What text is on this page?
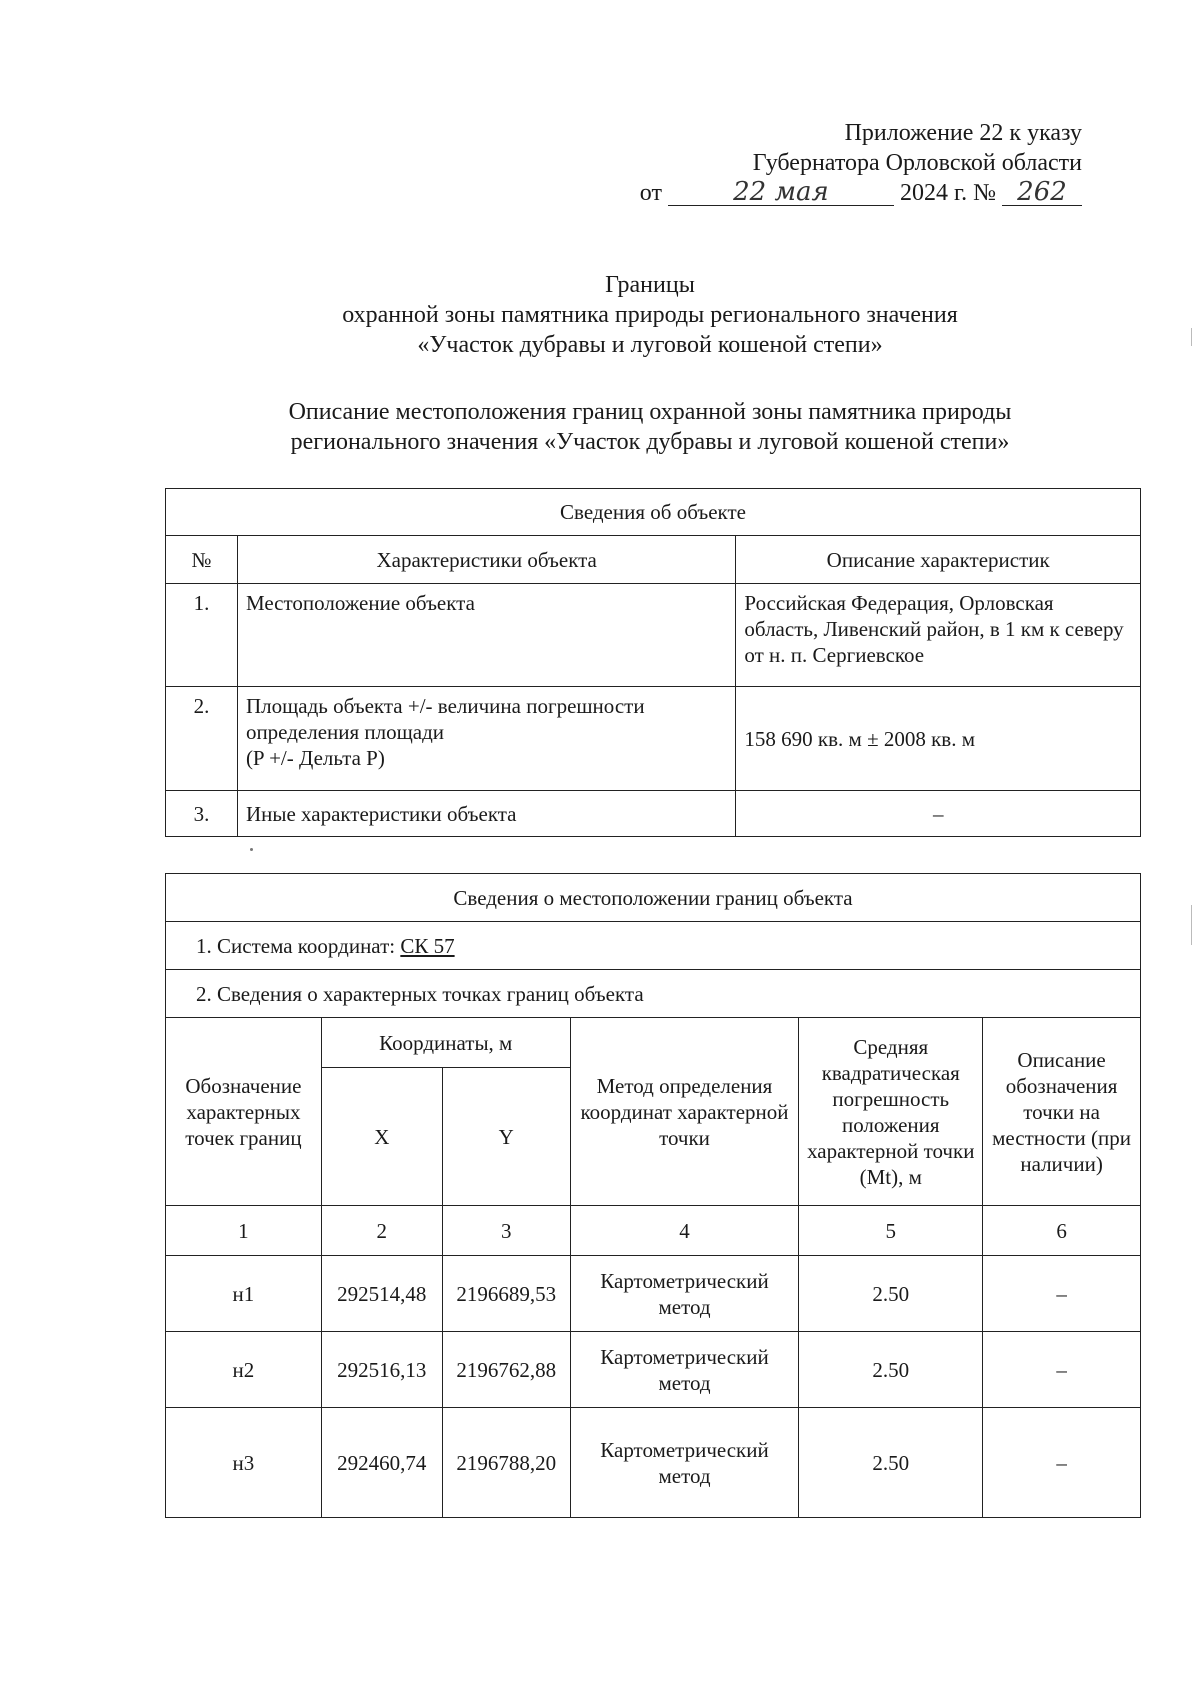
Приложение 22 к указу
Губернатора Орловской области
от	22 мая	2024 г. № 262
Границы
охранной зоны памятника природы регионального значения
«Участок дубравы и луговой кошеной степи»
Описание местоположения границ охранной зоны памятника природы
регионального значения «Участок дубравы и луговой кошеной степи»
Сведения об объекте		
№	Характеристики объекта	Описание характеристик
1.	Местоположение объекта	Российская Федерация, Орловская область, Ливенский район, в 1 км к северу от н. п. Сергиевское
2.	Площадь объекта +/- величина погрешности
определения площади
(P +/- Дельта P)	158 690 кв. м ± 2008 кв. м
3.	Иные характеристики объекта	–
Сведения о местоположении границ объекта					
1. Система координат: СК 57					
2. Сведения о характерных точках границ объекта					
Обозначение характерных точек границ	Координаты, м		Метод определения координат характерной точки	Средняя квадратическая погрешность положения характерной точки (Mt), м	Описание обозначения точки на местности (при наличии)
	X	Y			
1	2	3	4	5	6
н1	292514,48	2196689,53	Картометрический метод	2.50	–
н2	292516,13	2196762,88	Картометрический метод	2.50	–
н3	292460,74	2196788,20	Картометрический метод	2.50	–
